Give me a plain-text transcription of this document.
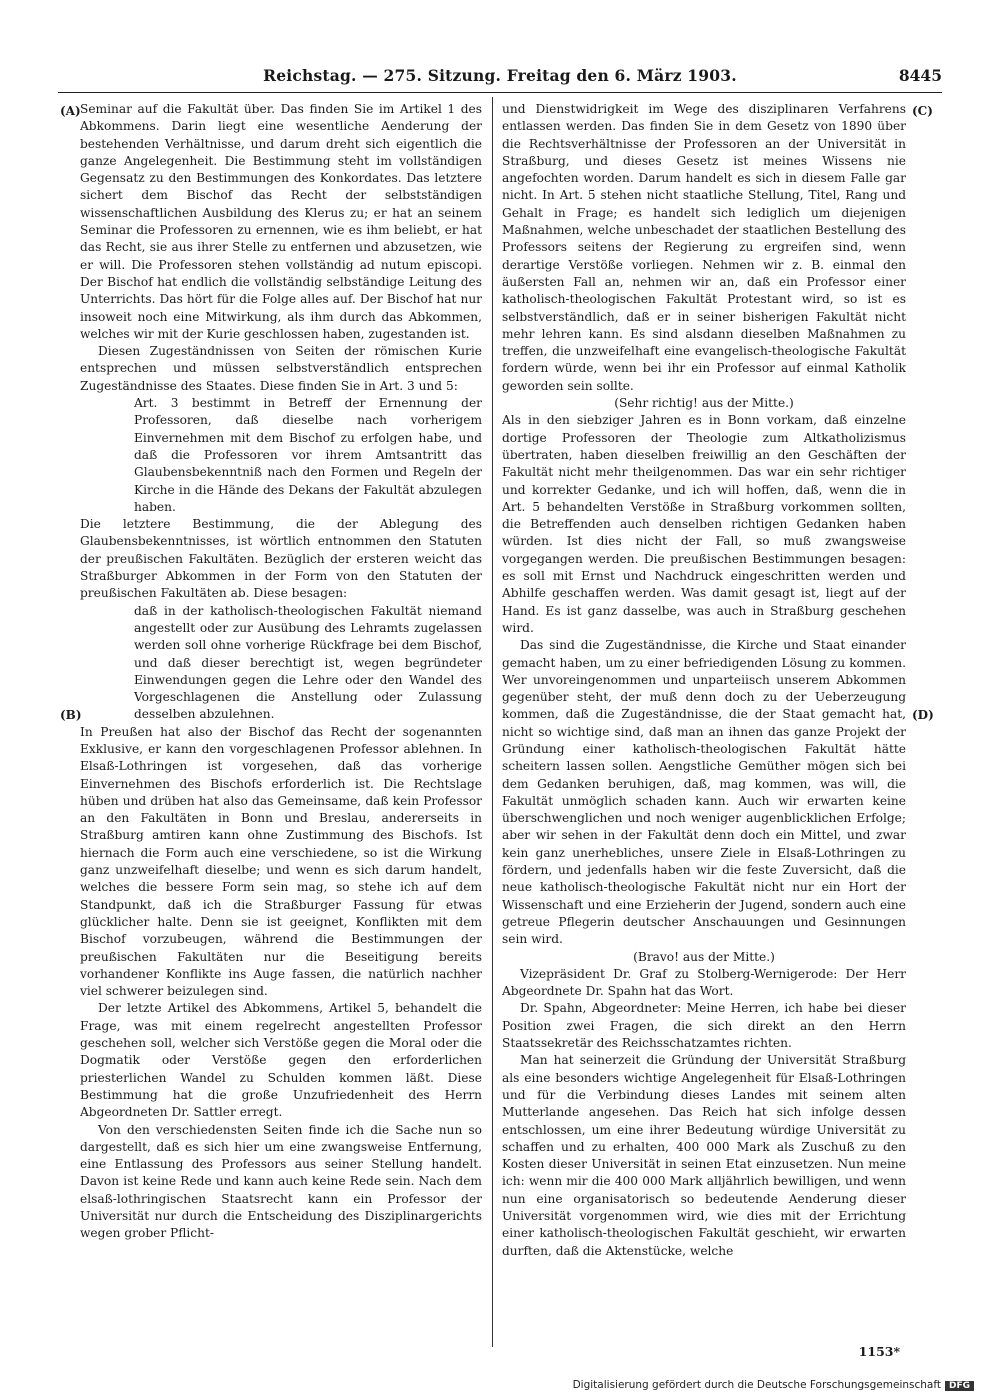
Reichstag. — 275. Sitzung. Freitag den 6. März 1903.	8445
(A)
(B)
(C)
(D)

Seminar auf die Fakultät über. Das finden Sie im Artikel 1 des Abkommens. Darin liegt eine wesentliche Aenderung der bestehenden Verhältnisse, und darum dreht sich eigentlich die ganze Angelegenheit. Die Bestimmung steht im vollständigen Gegensatz zu den Bestimmungen des Konkordates. Das letztere sichert dem Bischof das Recht der selbstständigen wissenschaftlichen Ausbildung des Klerus zu; er hat an seinem Seminar die Professoren zu ernennen, wie es ihm beliebt, er hat das Recht, sie aus ihrer Stelle zu entfernen und abzusetzen, wie er will. Die Professoren stehen vollständig ad nutum episcopi. Der Bischof hat endlich die vollständig selbständige Leitung des Unterrichts. Das hört für die Folge alles auf. Der Bischof hat nur insoweit noch eine Mitwirkung, als ihm durch das Abkommen, welches wir mit der Kurie geschlossen haben, zugestanden ist.

Diesen Zugeständnissen von Seiten der römischen Kurie entsprechen und müssen selbstverständlich entsprechen Zugeständnisse des Staates. Diese finden Sie in Art. 3 und 5:

Art. 3 bestimmt in Betreff der Ernennung der Professoren, daß dieselbe nach vorherigem Einvernehmen mit dem Bischof zu erfolgen habe, und daß die Professoren vor ihrem Amtsantritt das Glaubensbekenntniß nach den Formen und Regeln der Kirche in die Hände des Dekans der Fakultät abzulegen haben.

Die letztere Bestimmung, die der Ablegung des Glaubensbekenntnisses, ist wörtlich entnommen den Statuten der preußischen Fakultäten. Bezüglich der ersteren weicht das Straßburger Abkommen in der Form von den Statuten der preußischen Fakultäten ab. Diese besagen:

daß in der katholisch-theologischen Fakultät niemand angestellt oder zur Ausübung des Lehramts zugelassen werden soll ohne vorherige Rückfrage bei dem Bischof, und daß dieser berechtigt ist, wegen begründeter Einwendungen gegen die Lehre oder den Wandel des Vorgeschlagenen die Anstellung oder Zulassung desselben abzulehnen.

In Preußen hat also der Bischof das Recht der sogenannten Exklusive, er kann den vorgeschlagenen Professor ablehnen. In Elsaß-Lothringen ist vorgesehen, daß das vorherige Einvernehmen des Bischofs erforderlich ist. Die Rechtslage hüben und drüben hat also das Gemeinsame, daß kein Professor an den Fakultäten in Bonn und Breslau, andererseits in Straßburg amtiren kann ohne Zustimmung des Bischofs. Ist hiernach die Form auch eine verschiedene, so ist die Wirkung ganz unzweifelhaft dieselbe; und wenn es sich darum handelt, welches die bessere Form sein mag, so stehe ich auf dem Standpunkt, daß ich die Straßburger Fassung für etwas glücklicher halte. Denn sie ist geeignet, Konflikten mit dem Bischof vorzubeugen, während die Bestimmungen der preußischen Fakultäten nur die Beseitigung bereits vorhandener Konflikte ins Auge fassen, die natürlich nachher viel schwerer beizulegen sind.

Der letzte Artikel des Abkommens, Artikel 5, behandelt die Frage, was mit einem regelrecht angestellten Professor geschehen soll, welcher sich Verstöße gegen die Moral oder die Dogmatik oder Verstöße gegen den erforderlichen priesterlichen Wandel zu Schulden kommen läßt. Diese Bestimmung hat die große Unzufriedenheit des Herrn Abgeordneten Dr. Sattler erregt.

Von den verschiedensten Seiten finde ich die Sache nun so dargestellt, daß es sich hier um eine zwangsweise Entfernung, eine Entlassung des Professors aus seiner Stellung handelt. Davon ist keine Rede und kann auch keine Rede sein. Nach dem elsaß-lothringischen Staatsrecht kann ein Professor der Universität nur durch die Entscheidung des Disziplinargerichts wegen grober Pflicht-

und Dienstwidrigkeit im Wege des disziplinaren Verfahrens entlassen werden. Das finden Sie in dem Gesetz von 1890 über die Rechtsverhältnisse der Professoren an der Universität in Straßburg, und dieses Gesetz ist meines Wissens nie angefochten worden. Darum handelt es sich in diesem Falle gar nicht. In Art. 5 stehen nicht staatliche Stellung, Titel, Rang und Gehalt in Frage; es handelt sich lediglich um diejenigen Maßnahmen, welche unbeschadet der staatlichen Bestellung des Professors seitens der Regierung zu ergreifen sind, wenn derartige Verstöße vorliegen. Nehmen wir z. B. einmal den äußersten Fall an, nehmen wir an, daß ein Professor einer katholisch-theologischen Fakultät Protestant wird, so ist es selbstverständlich, daß er in seiner bisherigen Fakultät nicht mehr lehren kann. Es sind alsdann dieselben Maßnahmen zu treffen, die unzweifelhaft eine evangelisch-theologische Fakultät fordern würde, wenn bei ihr ein Professor auf einmal Katholik geworden sein sollte.

(Sehr richtig! aus der Mitte.)

Als in den siebziger Jahren es in Bonn vorkam, daß einzelne dortige Professoren der Theologie zum Altkatholizismus übertraten, haben dieselben freiwillig an den Geschäften der Fakultät nicht mehr theilgenommen. Das war ein sehr richtiger und korrekter Gedanke, und ich will hoffen, daß, wenn die in Art. 5 behandelten Verstöße in Straßburg vorkommen sollten, die Betreffenden auch denselben richtigen Gedanken haben würden. Ist dies nicht der Fall, so muß zwangsweise vorgegangen werden. Die preußischen Bestimmungen besagen: es soll mit Ernst und Nachdruck eingeschritten werden und Abhilfe geschaffen werden. Was damit gesagt ist, liegt auf der Hand. Es ist ganz dasselbe, was auch in Straßburg geschehen wird.

Das sind die Zugeständnisse, die Kirche und Staat einander gemacht haben, um zu einer befriedigenden Lösung zu kommen. Wer unvoreingenommen und unparteiisch unserem Abkommen gegenüber steht, der muß denn doch zu der Ueberzeugung kommen, daß die Zugeständnisse, die der Staat gemacht hat, nicht so wichtige sind, daß man an ihnen das ganze Projekt der Gründung einer katholisch-theologischen Fakultät hätte scheitern lassen sollen. Aengstliche Gemüther mögen sich bei dem Gedanken beruhigen, daß, mag kommen, was will, die Fakultät unmöglich schaden kann. Auch wir erwarten keine überschwenglichen und noch weniger augenblicklichen Erfolge; aber wir sehen in der Fakultät denn doch ein Mittel, und zwar kein ganz unerhebliches, unsere Ziele in Elsaß-Lothringen zu fördern, und jedenfalls haben wir die feste Zuversicht, daß die neue katholisch-theologische Fakultät nicht nur ein Hort der Wissenschaft und eine Erzieherin der Jugend, sondern auch eine getreue Pflegerin deutscher Anschauungen und Gesinnungen sein wird.

(Bravo! aus der Mitte.)

Vizepräsident Dr. Graf zu Stolberg-Wernigerode: Der Herr Abgeordnete Dr. Spahn hat das Wort.

Dr. Spahn, Abgeordneter: Meine Herren, ich habe bei dieser Position zwei Fragen, die sich direkt an den Herrn Staatssekretär des Reichsschatzamtes richten.

Man hat seinerzeit die Gründung der Universität Straßburg als eine besonders wichtige Angelegenheit für Elsaß-Lothringen und für die Verbindung dieses Landes mit seinem alten Mutterlande angesehen. Das Reich hat sich infolge dessen entschlossen, um eine ihrer Bedeutung würdige Universität zu schaffen und zu erhalten, 400 000 Mark als Zuschuß zu den Kosten dieser Universität in seinen Etat einzusetzen. Nun meine ich: wenn mir die 400 000 Mark alljährlich bewilligen, und wenn nun eine organisatorisch so bedeutende Aenderung dieser Universität vorgenommen wird, wie dies mit der Errichtung einer katholisch-theologischen Fakultät geschieht, wir erwarten durften, daß die Aktenstücke, welche

1153*
Digitalisierung gefördert durch die Deutsche Forschungsgemeinschaft DFG
